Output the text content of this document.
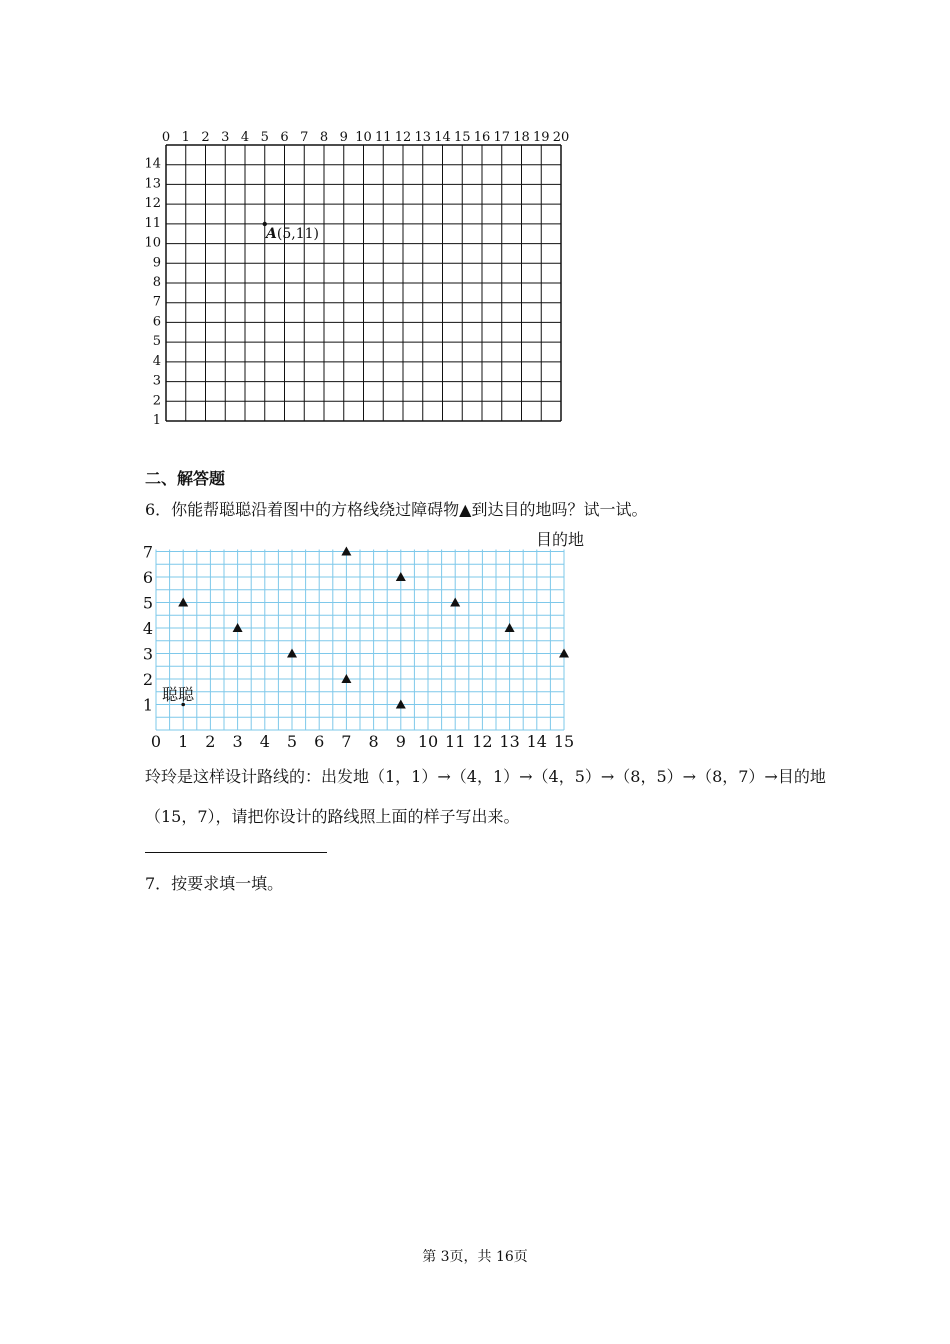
0 1 2 3 4 5 6 7 8 9 10 11 12 13 14 15 16 17 18 19 20
14
13
12
11
10
9
8
7
6
5
4
3
2
1
A(5,11)
二、解答题
6．你能帮聪聪沿着图中的方格线绕过障碍物▲到达目的地吗？试一试。
0 1 2 3 4 5 6 7 8 9 10 11 12 13 14 15
1
2
3
4
5
6
7
目的地
聪聪
玲玲是这样设计路线的：出发地（1，1）→（4，1）→（4，5）→（8，5）→（8，7）→目的地（15，7），请把你设计的路线照上面的样子写出来。
7．按要求填一填。
第 3页，共 16页
